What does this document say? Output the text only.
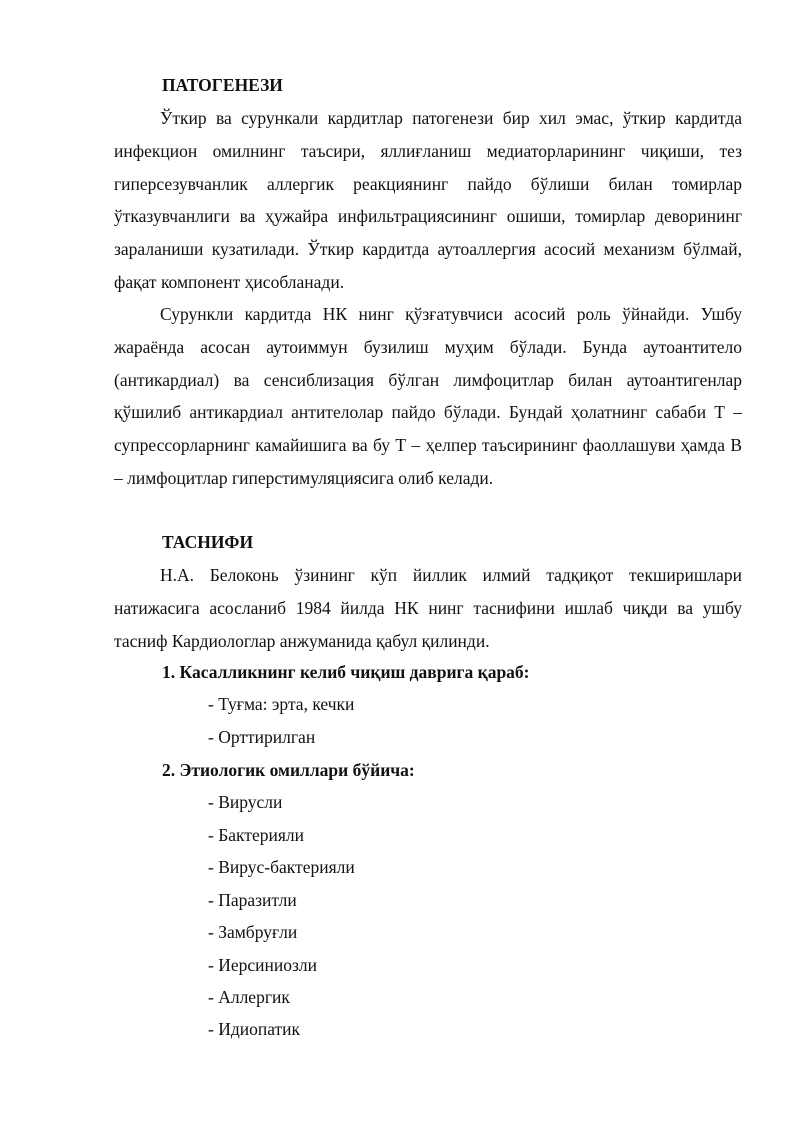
ПАТОГЕНЕЗИ

Ўткир ва сурункали кардитлар патогенези бир хил эмас, ўткир кардитда инфекцион омилнинг таъсири, яллиғланиш медиаторларининг чиқиши, тез гиперсезувчанлик аллергик реакциянинг пайдо бўлиши билан томирлар ўтказувчанлиги ва ҳужайра инфильтрациясининг ошиши, томирлар деворининг зараланиши кузатилади. Ўткир кардитда аутоаллергия асосий механизм бўлмай, фақат компонент ҳисобланади.

Сурункли кардитда НК нинг қўзғатувчиси асосий роль ўйнайди. Ушбу жараёнда асосан аутоиммун бузилиш муҳим бўлади. Бунда аутоантитело (антикардиал) ва сенсиблизация бўлган лимфоцитлар билан аутоантигенлар қўшилиб антикардиал антителолар пайдо бўлади. Бундай ҳолатнинг сабаби Т – супрессорларнинг камайишига ва бу Т – ҳелпер таъсирининг фаоллашуви ҳамда В – лимфоцитлар гиперстимуляциясига олиб келади.

ТАСНИФИ

Н.А. Белоконь ўзининг кўп йиллик илмий тадқиқот текширишлари натижасига асосланиб 1984 йилда НК нинг таснифини ишлаб чиқди ва ушбу тасниф Кардиологлар анжуманида қабул қилинди.

1. Касалликнинг келиб чиқиш даврига қараб:
- Туғма: эрта, кечки
- Орттирилган
2. Этиологик омиллари бўйича:
- Вирусли
- Бактерияли
- Вирус-бактерияли
- Паразитли
- Замбруғли
- Иерсиниозли
- Аллергик
- Идиопатик
